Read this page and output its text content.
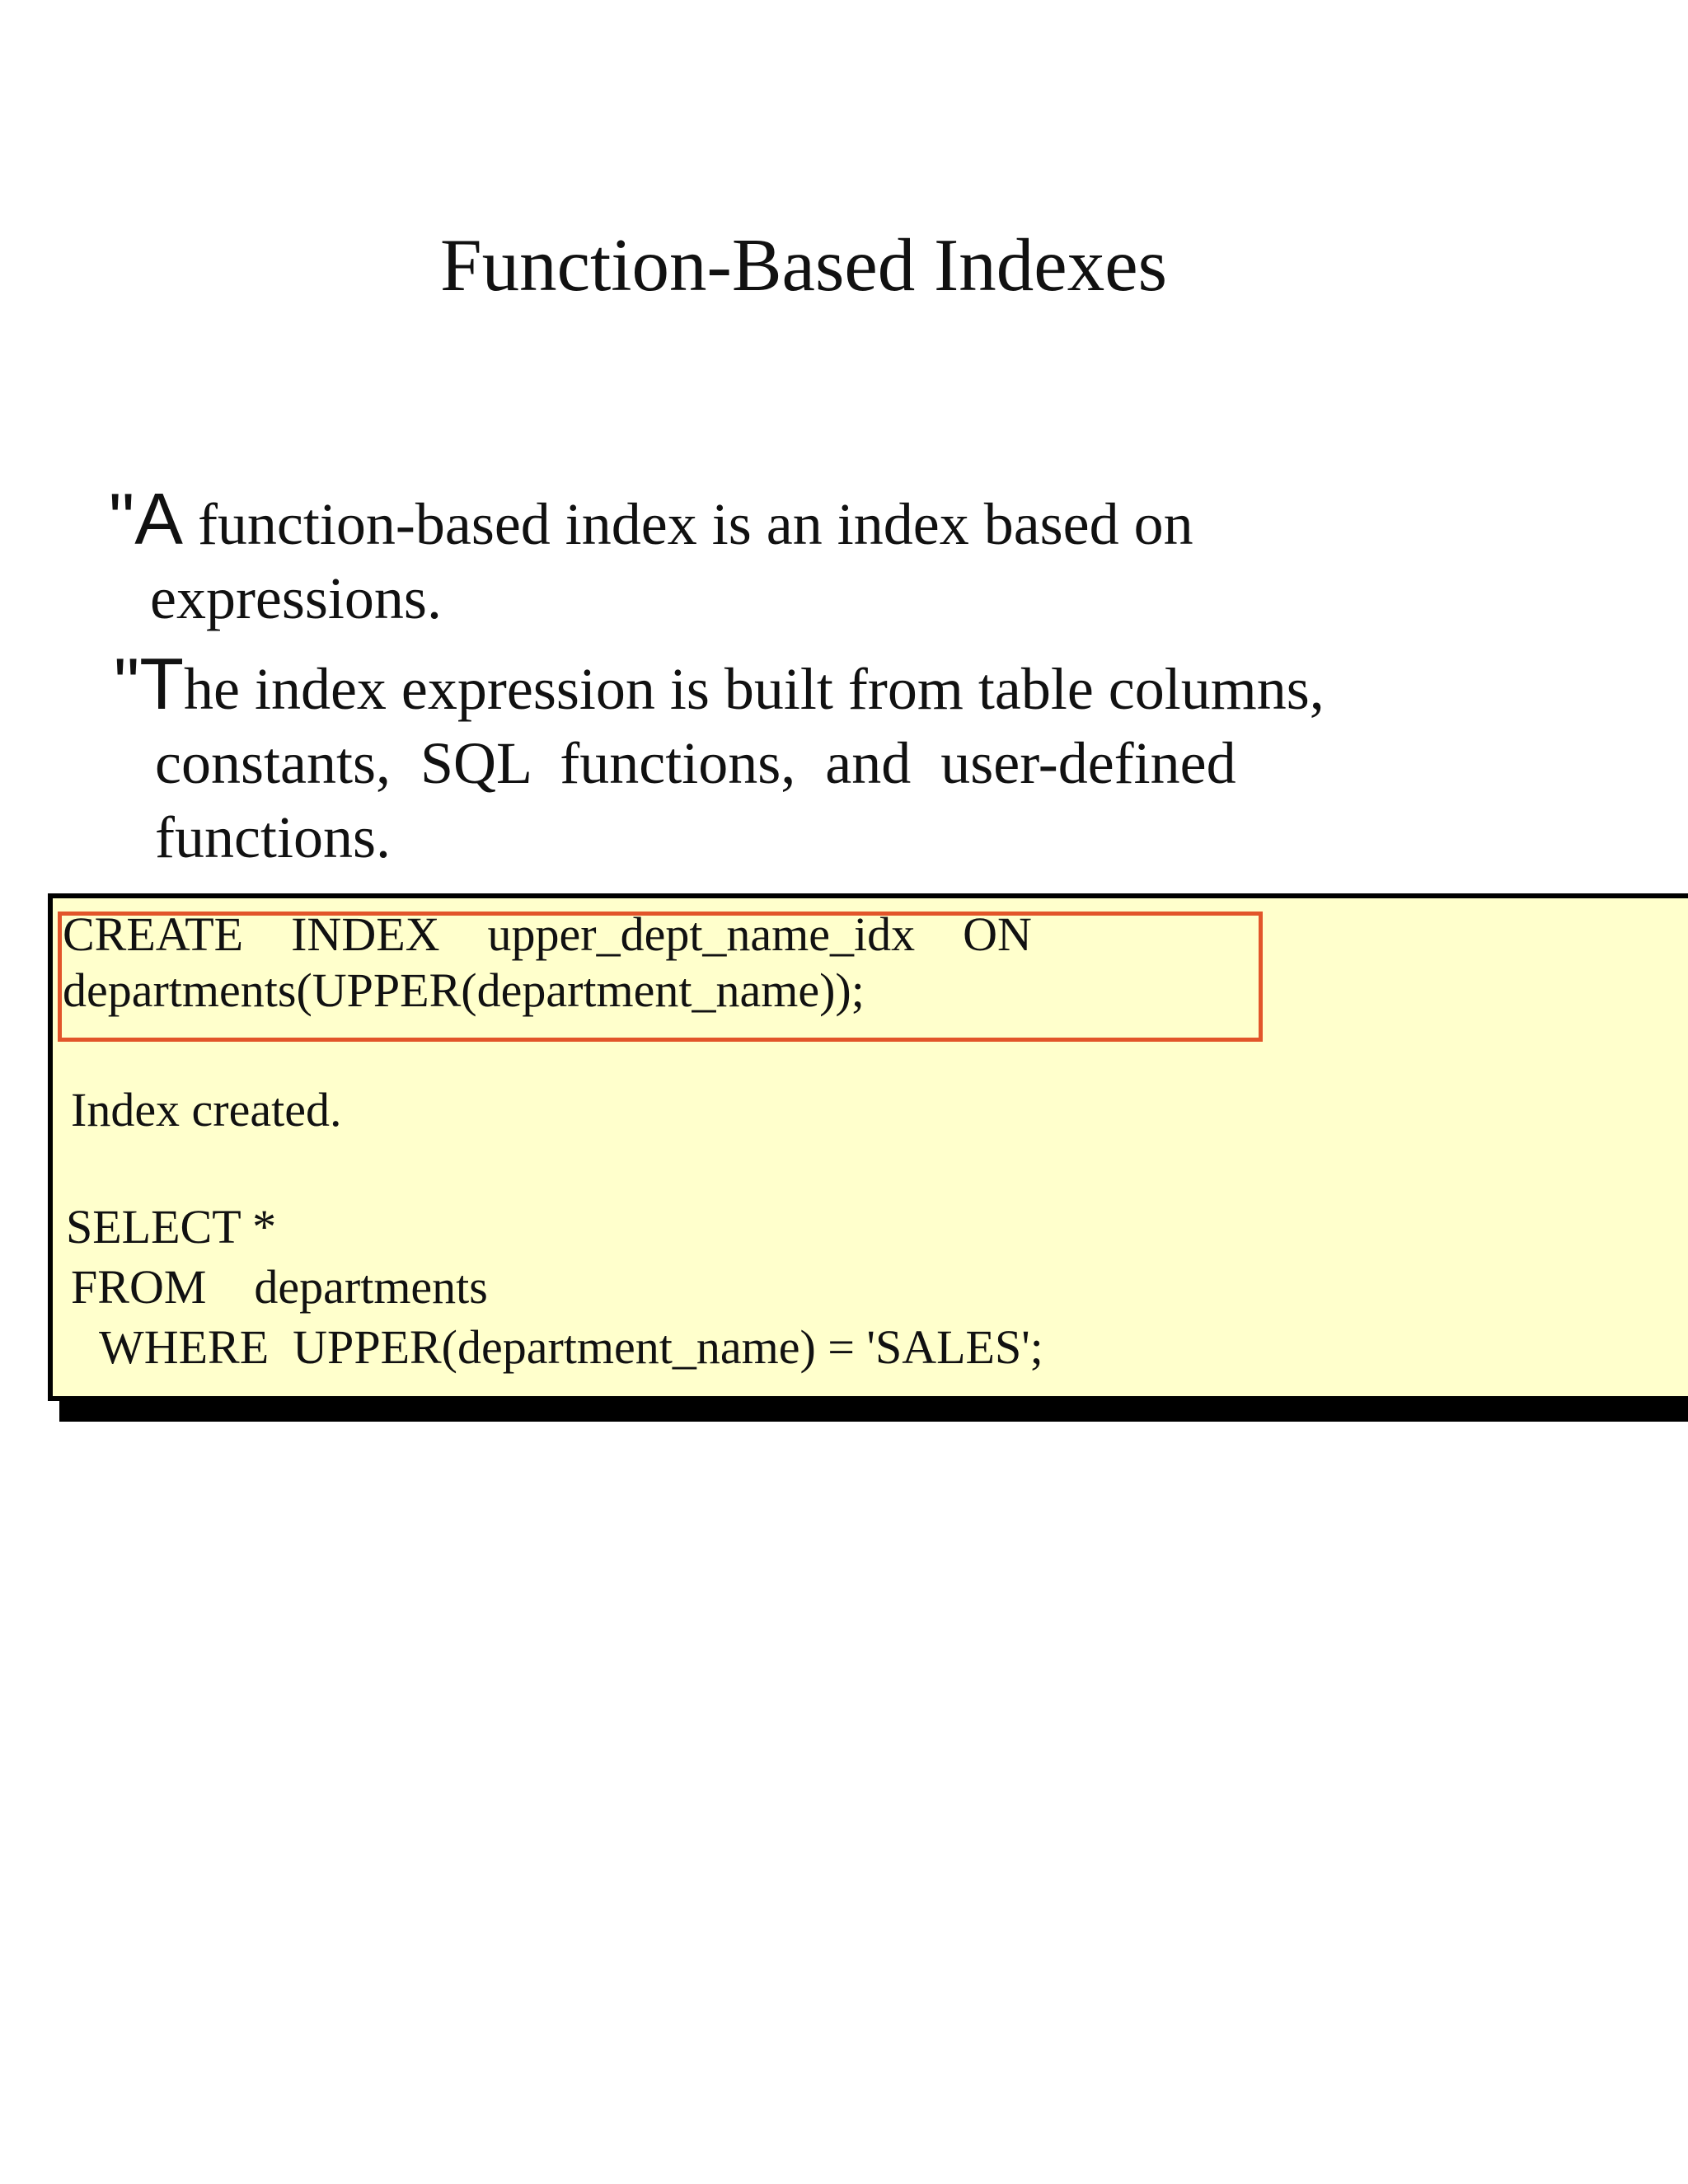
Function-Based Indexes
"A function-based index is an index based on
expressions.
"The index expression is built from table columns,
constants,  SQL  functions,  and  user-defined
functions.
CREATE    INDEX    upper_dept_name_idx    ON
departments(UPPER(department_name));
Index created.
SELECT *
FROM    departments
WHERE  UPPER(department_name) = 'SALES';
